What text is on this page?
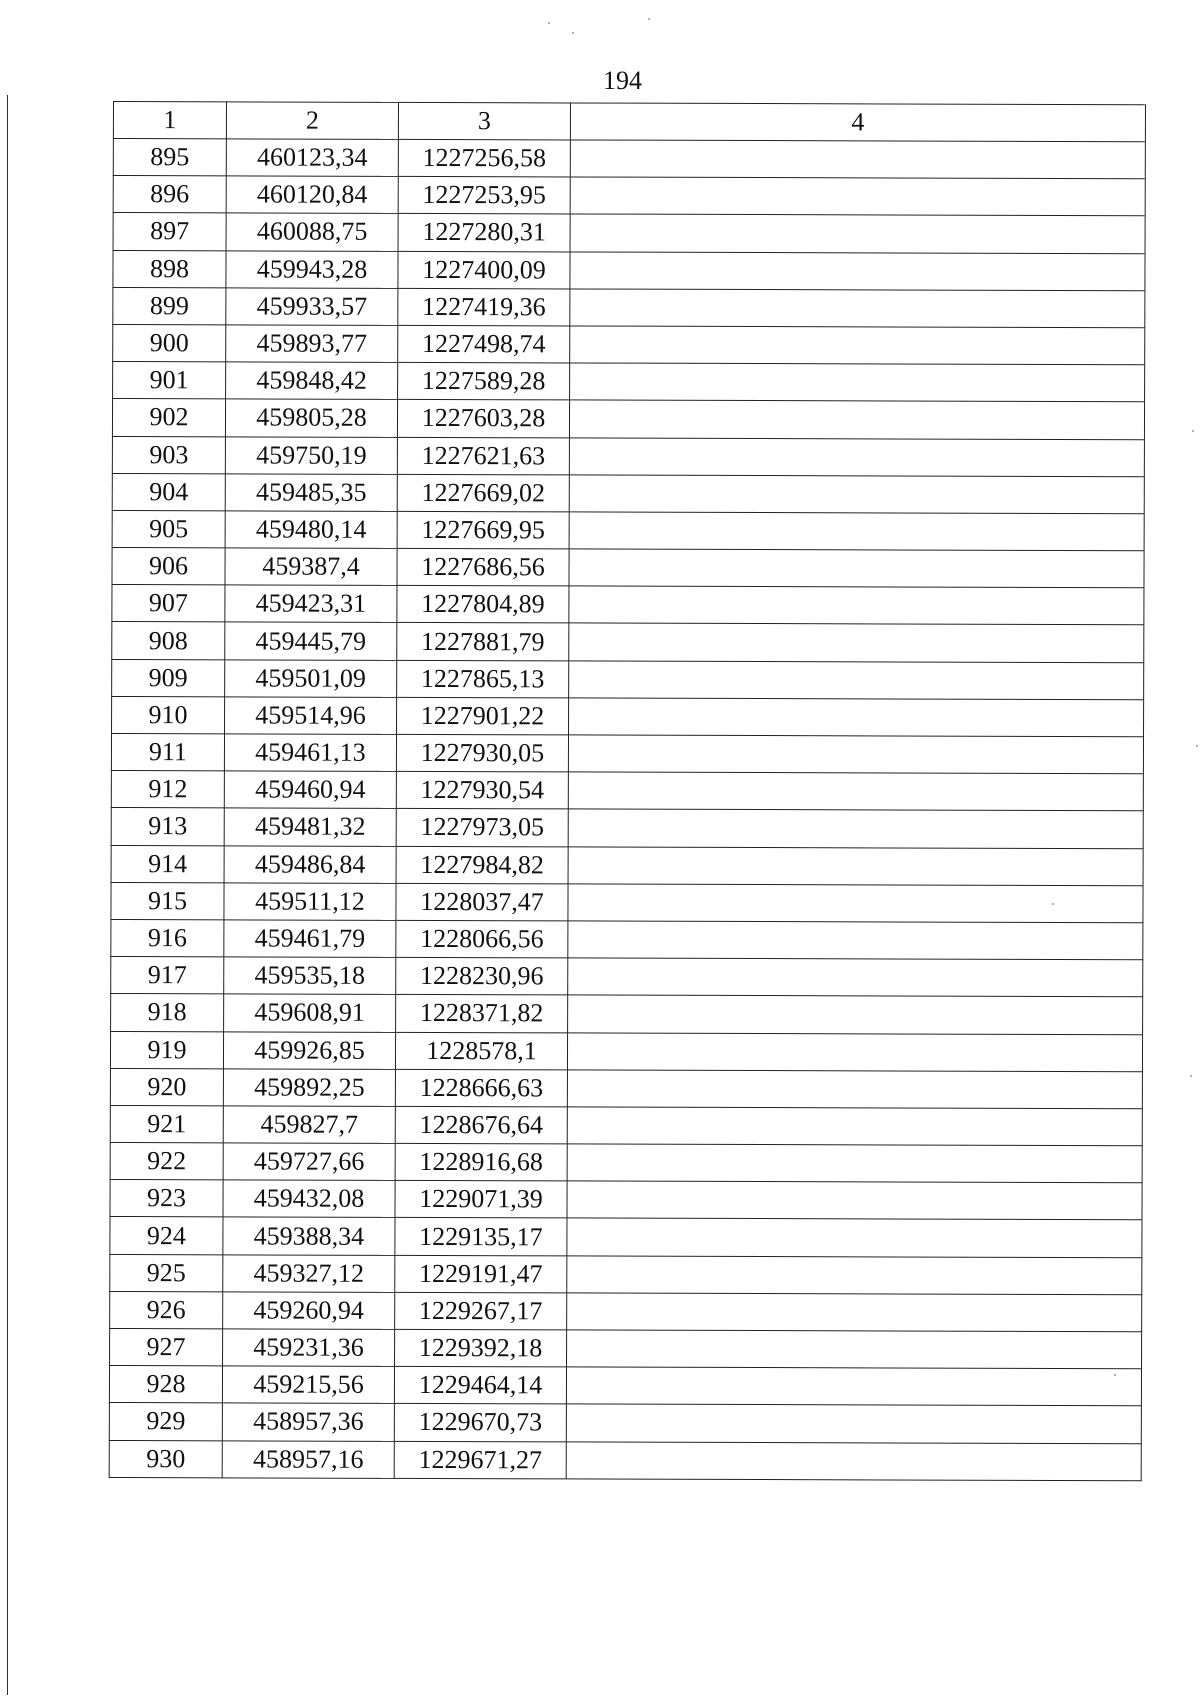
194
1	2	3	4
895	460123,34	1227256,58	
896	460120,84	1227253,95	
897	460088,75	1227280,31	
898	459943,28	1227400,09	
899	459933,57	1227419,36	
900	459893,77	1227498,74	
901	459848,42	1227589,28	
902	459805,28	1227603,28	
903	459750,19	1227621,63	
904	459485,35	1227669,02	
905	459480,14	1227669,95	
906	459387,4	1227686,56	
907	459423,31	1227804,89	
908	459445,79	1227881,79	
909	459501,09	1227865,13	
910	459514,96	1227901,22	
911	459461,13	1227930,05	
912	459460,94	1227930,54	
913	459481,32	1227973,05	
914	459486,84	1227984,82	
915	459511,12	1228037,47	
916	459461,79	1228066,56	
917	459535,18	1228230,96	
918	459608,91	1228371,82	
919	459926,85	1228578,1	
920	459892,25	1228666,63	
921	459827,7	1228676,64	
922	459727,66	1228916,68	
923	459432,08	1229071,39	
924	459388,34	1229135,17	
925	459327,12	1229191,47	
926	459260,94	1229267,17	
927	459231,36	1229392,18	
928	459215,56	1229464,14	
929	458957,36	1229670,73	
930	458957,16	1229671,27	
